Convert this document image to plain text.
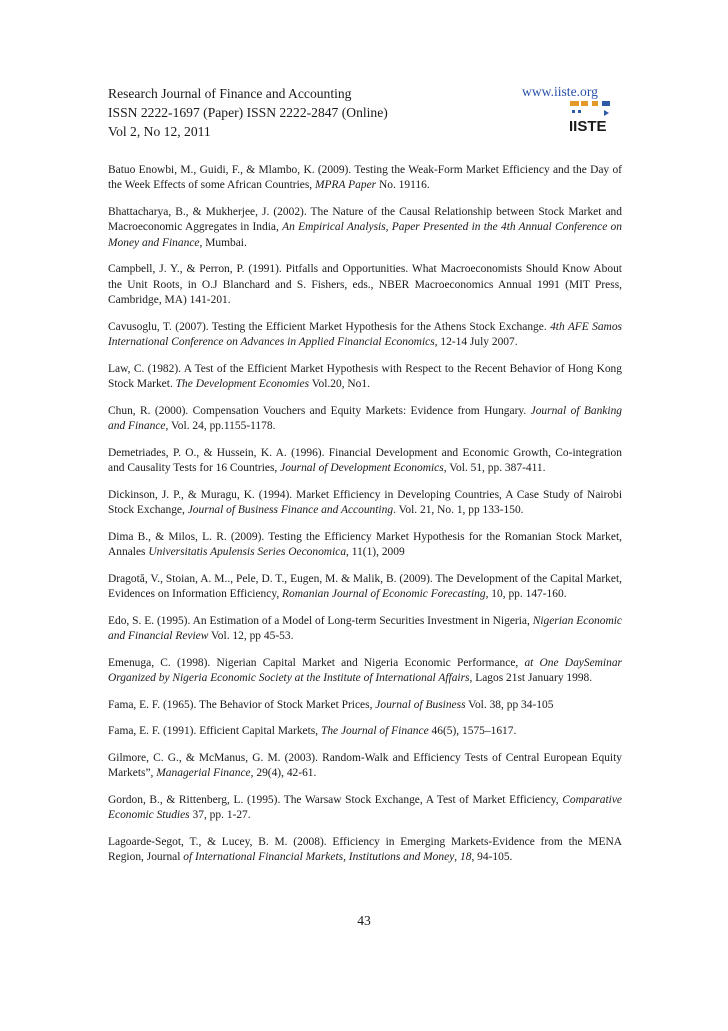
Research Journal of Finance and Accounting
ISSN 2222-1697 (Paper) ISSN 2222-2847 (Online)
Vol 2, No 12, 2011
www.iiste.org
IISTE

Batuo Enowbi, M., Guidi, F., & Mlambo, K. (2009). Testing the Weak-Form Market Efficiency and the Day of the Week Effects of some African Countries, MPRA Paper No. 19116.

Bhattacharya, B., & Mukherjee, J. (2002). The Nature of the Causal Relationship between Stock Market and Macroeconomic Aggregates in India, An Empirical Analysis, Paper Presented in the 4th Annual Conference on Money and Finance, Mumbai.

Campbell, J. Y., & Perron, P. (1991). Pitfalls and Opportunities. What Macroeconomists Should Know About the Unit Roots, in O.J Blanchard and S. Fishers, eds., NBER Macroeconomics Annual 1991 (MIT Press, Cambridge, MA) 141-201.

Cavusoglu, T. (2007). Testing the Efficient Market Hypothesis for the Athens Stock Exchange. 4th AFE Samos International Conference on Advances in Applied Financial Economics, 12-14 July 2007.

Law, C. (1982). A Test of the Efficient Market Hypothesis with Respect to the Recent Behavior of Hong Kong Stock Market. The Development Economies Vol.20, No1.

Chun, R. (2000). Compensation Vouchers and Equity Markets: Evidence from Hungary. Journal of Banking and Finance, Vol. 24, pp.1155-1178.

Demetriades, P. O., & Hussein, K. A. (1996). Financial Development and Economic Growth, Co-integration and Causality Tests for 16 Countries, Journal of Development Economics, Vol. 51, pp. 387-411.

Dickinson, J. P., & Muragu, K. (1994). Market Efficiency in Developing Countries, A Case Study of Nairobi Stock Exchange, Journal of Business Finance and Accounting. Vol. 21, No. 1, pp 133-150.

Dima B., & Milos, L. R. (2009). Testing the Efficiency Market Hypothesis for the Romanian Stock Market, Annales Universitatis Apulensis Series Oeconomica, 11(1), 2009

Dragotă, V., Stoian, A. M.., Pele, D. T., Eugen, M. & Malik, B. (2009). The Development of the Capital Market, Evidences on Information Efficiency, Romanian Journal of Economic Forecasting, 10, pp. 147-160.

Edo, S. E. (1995). An Estimation of a Model of Long-term Securities Investment in Nigeria, Nigerian Economic and Financial Review Vol. 12, pp 45-53.

Emenuga, C. (1998). Nigerian Capital Market and Nigeria Economic Performance, at One DaySeminar Organized by Nigeria Economic Society at the Institute of International Affairs, Lagos 21st January 1998.

Fama, E. F. (1965). The Behavior of Stock Market Prices, Journal of Business Vol. 38, pp 34-105

Fama, E. F. (1991). Efficient Capital Markets, The Journal of Finance 46(5), 1575–1617.

Gilmore, C. G., & McManus, G. M. (2003). Random-Walk and Efficiency Tests of Central European Equity Markets”, Managerial Finance, 29(4), 42-61.

Gordon, B., & Rittenberg, L. (1995). The Warsaw Stock Exchange, A Test of Market Efficiency, Comparative Economic Studies 37, pp. 1-27.

Lagoarde-Segot, T., & Lucey, B. M. (2008). Efficiency in Emerging Markets-Evidence from the MENA Region, Journal of International Financial Markets, Institutions and Money, 18, 94-105.

43
